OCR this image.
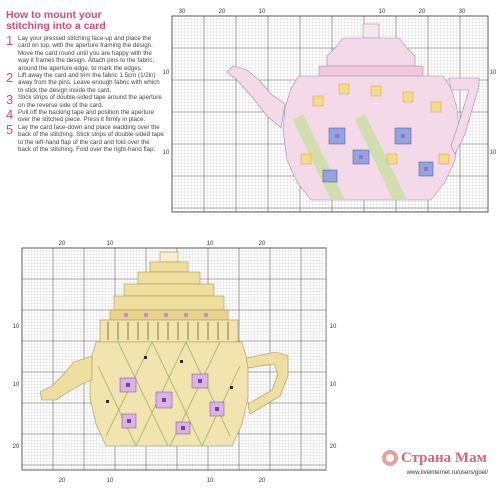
How to mount your
stitching into a card
1 Lay your pressed stitching face-up and place the card on top, with the aperture framing the design. Move the card round until you are happy with the way it frames the design. Attach pins to the fabric, around the aperture edge, to mark the edges.
2 Lift away the card and trim the fabric 1.5cm (1/2in) away from the pins. Leave enough fabric with which to stick the design inside the card.
3 Stick strips of double-sided tape around the aperture on the reverse side of the card.
4 Pull off the backing tape and position the aperture over the stitched piece. Press it firmly in place.
5 Lay the card face-down and place wadding over the back of the stitching. Stick strips of double-sided tape to the left-hand flap of the card and fold over the back of the stitching. Fold over the right-hand flap.
30	20	10	10	20	30
10
10
10
10
20	10	10	20
20	10	10	20
10
10
20
10
10
20
Страна Мам
www.liveinternet.ru/users/goel/
